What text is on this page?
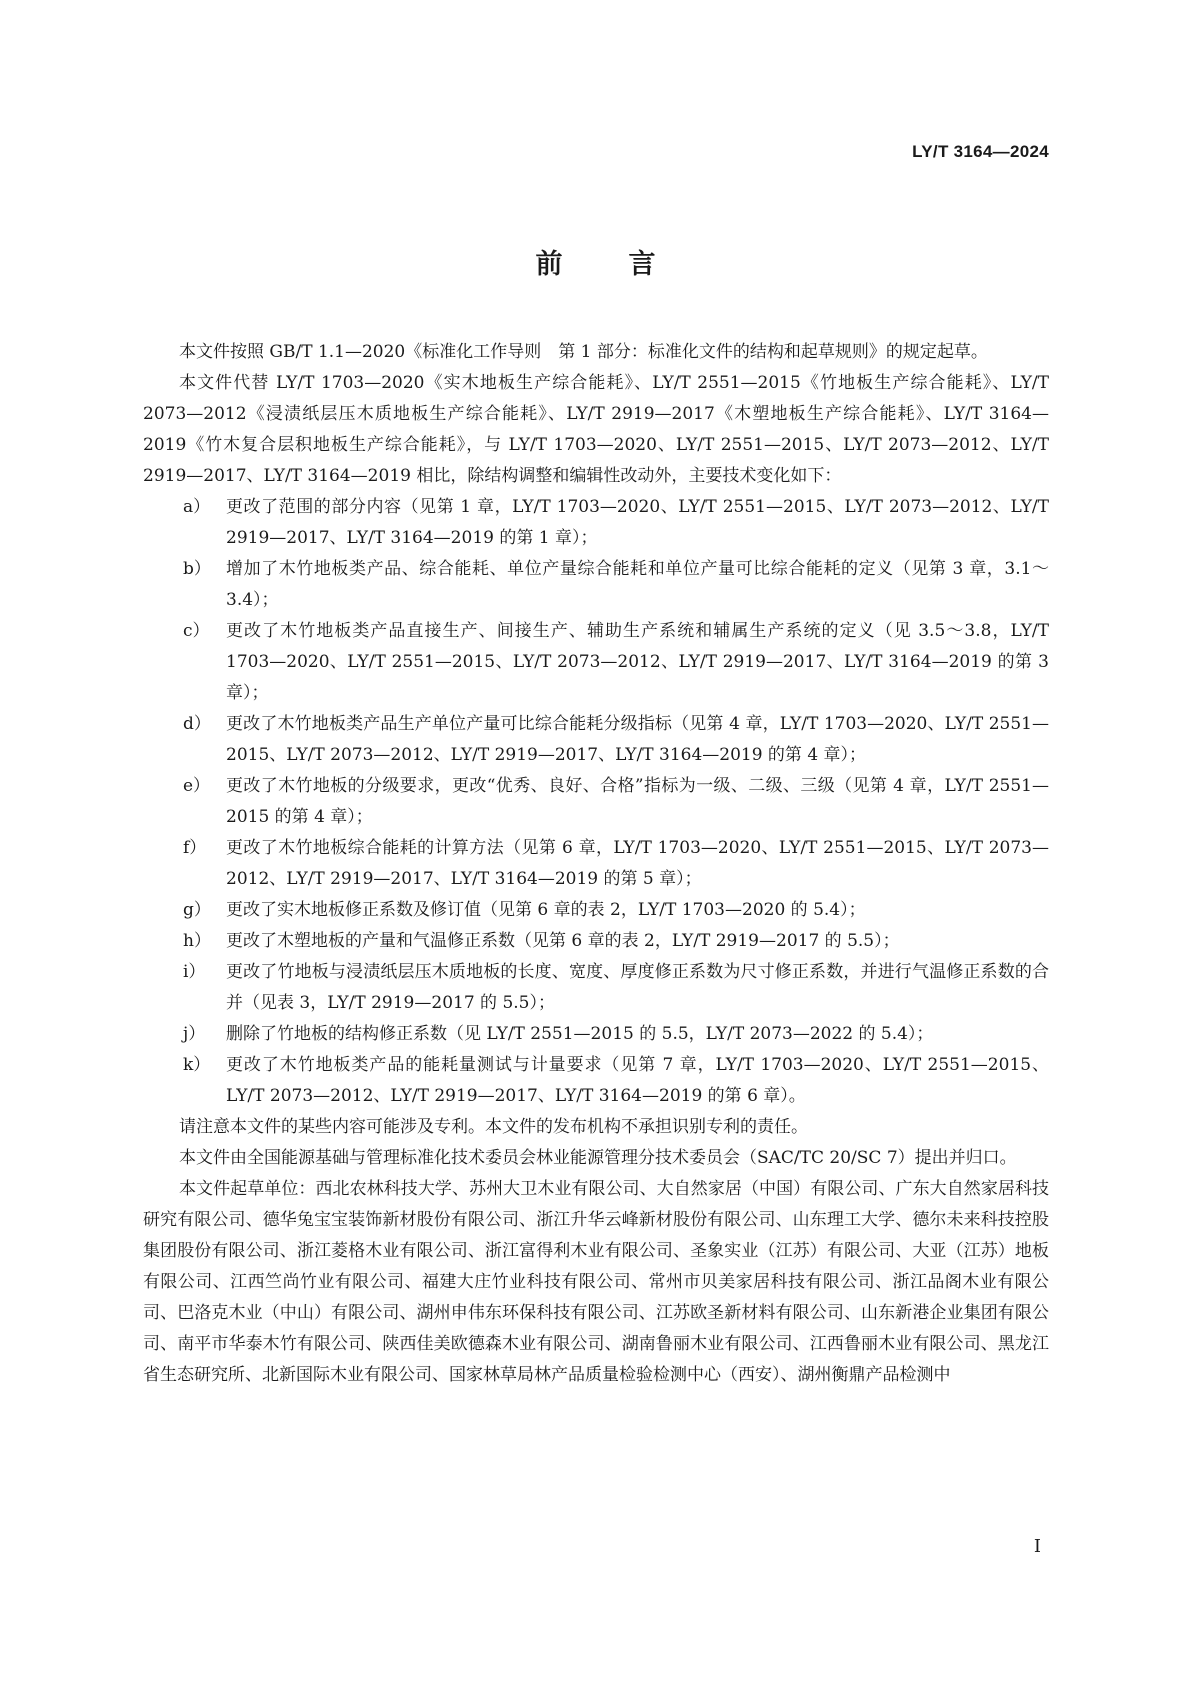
LY/T 3164—2024
前言

本文件按照 GB/T 1.1—2020《标准化工作导则　第 1 部分：标准化文件的结构和起草规则》的规定起草。

本文件代替 LY/T 1703—2020《实木地板生产综合能耗》、LY/T 2551—2015《竹地板生产综合能耗》、LY/T 2073—2012《浸渍纸层压木质地板生产综合能耗》、LY/T 2919—2017《木塑地板生产综合能耗》、LY/T 3164—2019《竹木复合层积地板生产综合能耗》，与 LY/T 1703—2020、LY/T 2551—2015、LY/T 2073—2012、LY/T 2919—2017、LY/T 3164—2019 相比，除结构调整和编辑性改动外，主要技术变化如下：

a） 更改了范围的部分内容（见第 1 章，LY/T 1703—2020、LY/T 2551—2015、LY/T 2073—2012、LY/T 2919—2017、LY/T 3164—2019 的第 1 章）；
b） 增加了木竹地板类产品、综合能耗、单位产量综合能耗和单位产量可比综合能耗的定义（见第 3 章，3.1～3.4）；
c） 更改了木竹地板类产品直接生产、间接生产、辅助生产系统和辅属生产系统的定义（见 3.5～3.8，LY/T 1703—2020、LY/T 2551—2015、LY/T 2073—2012、LY/T 2919—2017、LY/T 3164—2019 的第 3 章）；
d） 更改了木竹地板类产品生产单位产量可比综合能耗分级指标（见第 4 章，LY/T 1703—2020、LY/T 2551—2015、LY/T 2073—2012、LY/T 2919—2017、LY/T 3164—2019 的第 4 章）；
e） 更改了木竹地板的分级要求，更改“优秀、良好、合格”指标为一级、二级、三级（见第 4 章，LY/T 2551—2015 的第 4 章）；
f） 更改了木竹地板综合能耗的计算方法（见第 6 章，LY/T 1703—2020、LY/T 2551—2015、LY/T 2073—2012、LY/T 2919—2017、LY/T 3164—2019 的第 5 章）；
g） 更改了实木地板修正系数及修订值（见第 6 章的表 2，LY/T 1703—2020 的 5.4）；
h） 更改了木塑地板的产量和气温修正系数（见第 6 章的表 2，LY/T 2919—2017 的 5.5）；
i） 更改了竹地板与浸渍纸层压木质地板的长度、宽度、厚度修正系数为尺寸修正系数，并进行气温修正系数的合并（见表 3，LY/T 2919—2017 的 5.5）；
j） 删除了竹地板的结构修正系数（见 LY/T 2551—2015 的 5.5，LY/T 2073—2022 的 5.4）；
k） 更改了木竹地板类产品的能耗量测试与计量要求（见第 7 章，LY/T 1703—2020、LY/T 2551—2015、LY/T 2073—2012、LY/T 2919—2017、LY/T 3164—2019 的第 6 章）。

请注意本文件的某些内容可能涉及专利。本文件的发布机构不承担识别专利的责任。

本文件由全国能源基础与管理标准化技术委员会林业能源管理分技术委员会（SAC/TC 20/SC 7）提出并归口。

本文件起草单位：西北农林科技大学、苏州大卫木业有限公司、大自然家居（中国）有限公司、广东大自然家居科技研究有限公司、德华兔宝宝装饰新材股份有限公司、浙江升华云峰新材股份有限公司、山东理工大学、德尔未来科技控股集团股份有限公司、浙江菱格木业有限公司、浙江富得利木业有限公司、圣象实业（江苏）有限公司、大亚（江苏）地板有限公司、江西竺尚竹业有限公司、福建大庄竹业科技有限公司、常州市贝美家居科技有限公司、浙江品阁木业有限公司、巴洛克木业（中山）有限公司、湖州申伟东环保科技有限公司、江苏欧圣新材料有限公司、山东新港企业集团有限公司、南平市华泰木竹有限公司、陕西佳美欧德森木业有限公司、湖南鲁丽木业有限公司、江西鲁丽木业有限公司、黑龙江省生态研究所、北新国际木业有限公司、国家林草局林产品质量检验检测中心（西安）、湖州衡鼎产品检测中

I
